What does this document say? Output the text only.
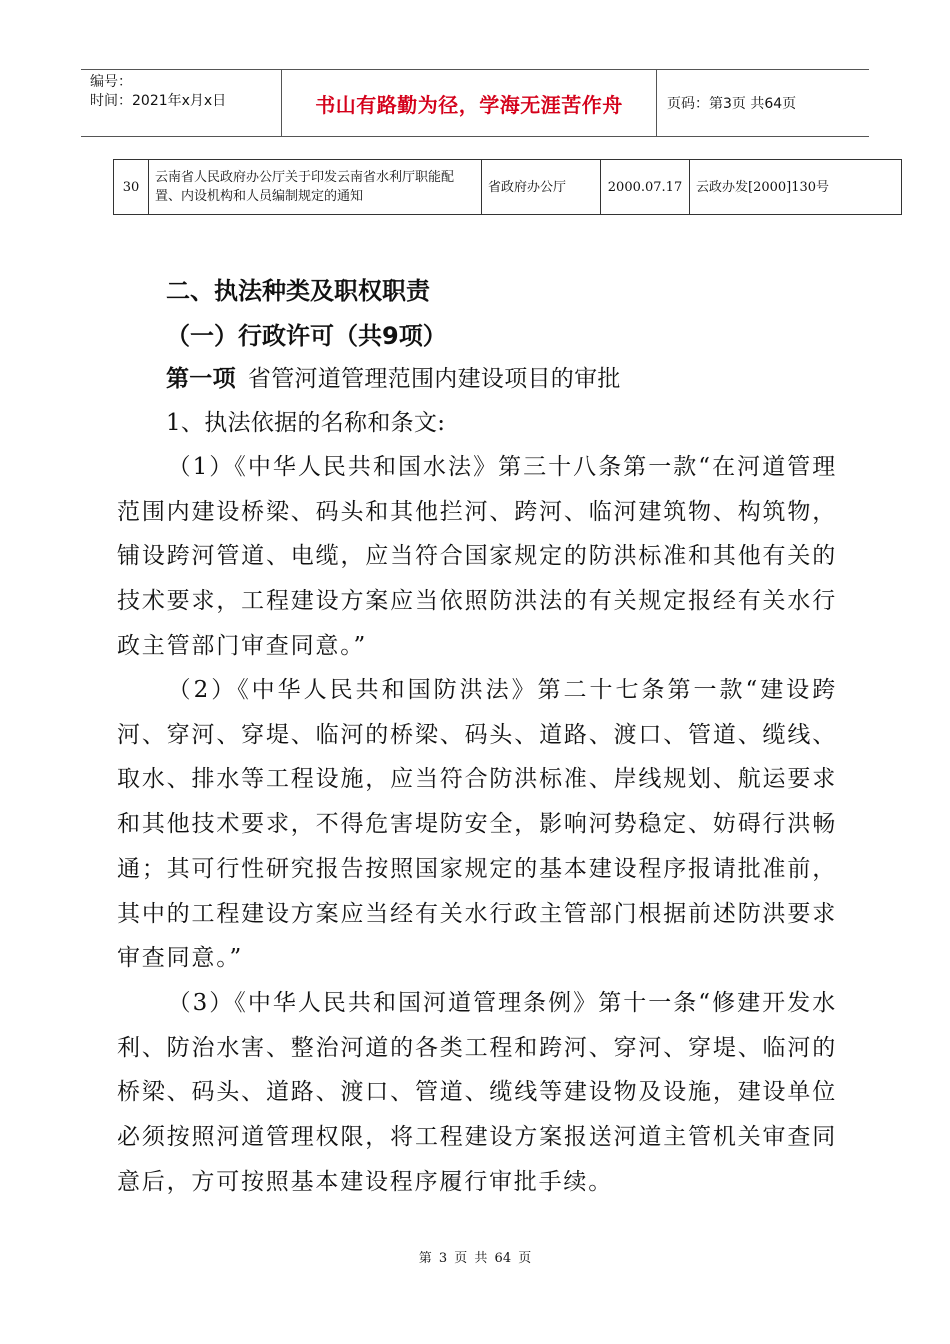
编号：
时间：2021年x月x日	书山有路勤为径，学海无涯苦作舟	页码：第3页 共64页
30	云南省人民政府办公厅关于印发云南省水利厅职能配置、内设机构和人员编制规定的通知	省政府办公厅	2000.07.17	云政办发[2000]130号
二、执法种类及职权职责
（一）行政许可（共9项）
第一项 省管河道管理范围内建设项目的审批
1、执法依据的名称和条文:

（1）《中华人民共和国水法》第三十八条第一款“在河道管理范围内建设桥梁、码头和其他拦河、跨河、临河建筑物、构筑物，铺设跨河管道、电缆，应当符合国家规定的防洪标准和其他有关的技术要求，工程建设方案应当依照防洪法的有关规定报经有关水行政主管部门审查同意。”

（2）《中华人民共和国防洪法》第二十七条第一款“建设跨河、穿河、穿堤、临河的桥梁、码头、道路、渡口、管道、缆线、取水、排水等工程设施，应当符合防洪标准、岸线规划、航运要求和其他技术要求，不得危害堤防安全，影响河势稳定、妨碍行洪畅通；其可行性研究报告按照国家规定的基本建设程序报请批准前，其中的工程建设方案应当经有关水行政主管部门根据前述防洪要求审查同意。”

（3）《中华人民共和国河道管理条例》第十一条“修建开发水利、防治水害、整治河道的各类工程和跨河、穿河、穿堤、临河的桥梁、码头、道路、渡口、管道、缆线等建设物及设施，建设单位必须按照河道管理权限，将工程建设方案报送河道主管机关审查同意后，方可按照基本建设程序履行审批手续。

第 3 页 共 64 页
